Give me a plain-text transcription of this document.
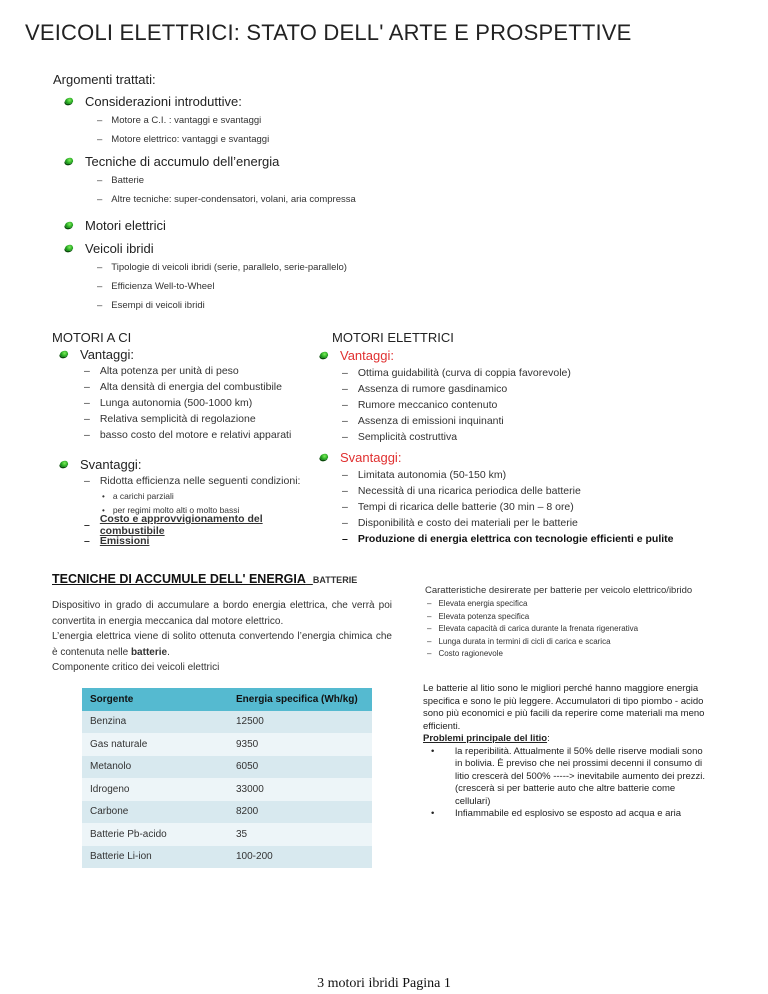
VEICOLI ELETTRICI: STATO DELL' ARTE E PROSPETTIVE
Argomenti trattati:
Considerazioni introduttive:
– Motore a C.I. : vantaggi e svantaggi
– Motore elettrico: vantaggi e svantaggi
Tecniche di accumulo dell’energia
– Batterie
– Altre tecniche: super-condensatori, volani, aria compressa
Motori elettrici
Veicoli ibridi
– Tipologie di veicoli ibridi (serie, parallelo, serie-parallelo)
– Efficienza Well-to-Wheel
– Esempi di veicoli ibridi
MOTORI A CI
Vantaggi:
– Alta potenza per unità di peso
– Alta densità di energia del combustibile
– Lunga autonomia (500-1000 km)
– Relativa semplicità di regolazione
– basso costo del motore e relativi apparati
Svantaggi:
– Ridotta efficienza nelle seguenti condizioni:
• a carichi parziali
• per regimi molto alti o molto bassi
– Costo e approvvigionamento del combustibile
– Emissioni
MOTORI ELETTRICI
Vantaggi:
– Ottima guidabilità (curva di coppia favorevole)
– Assenza di rumore gasdinamico
– Rumore meccanico contenuto
– Assenza di emissioni inquinanti
– Semplicità costruttiva
Svantaggi:
– Limitata autonomia (50-150 km)
– Necessità di una ricarica periodica delle batterie
– Tempi di ricarica delle batterie (30 min – 8 ore)
– Disponibilità e costo dei materiali per le batterie
– Produzione di energia elettrica con tecnologie efficienti e pulite
TECNICHE DI ACCUMULE DELL' ENERGIA BATTERIE
Dispositivo in grado di accumulare a bordo energia elettrica, che verrà poi convertita in energia meccanica dal motore elettrico.
L’energia elettrica viene di solito ottenuta convertendo l’energia chimica che è contenuta nelle batterie.
Componente critico dei veicoli elettrici
Caratteristiche desirerate per batterie per veicolo elettrico/ibrido
– Elevata energia specifica
– Elevata potenza specifica
– Elevata capacità di carica durante la frenata rigenerativa
– Lunga durata in termini di cicli di carica e scarica
– Costo ragionevole
Sorgente	Energia specifica (Wh/kg)
Benzina	12500
Gas naturale	9350
Metanolo	6050
Idrogeno	33000
Carbone	8200
Batterie Pb-acido	35
Batterie Li-ion	100-200
Le batterie al litio sono le migliori perché hanno maggiore energia specifica e sono le più leggere. Accumulatori di tipo piombo - acido sono più economici e più facili da reperire come materiali ma meno efficienti.
Problemi principale del litio:
•	la reperibilità. Attualmente il 50% delle riserve modiali sono in bolivia. È previso che nei prossimi decenni il consumo di litio crescerà del 500% -----> inevitabile aumento dei prezzi. (crescerà si per batterie auto che altre batterie come cellulari)
•	Infiammabile ed esplosivo se esposto ad acqua e aria
3 motori ibridi Pagina 1
